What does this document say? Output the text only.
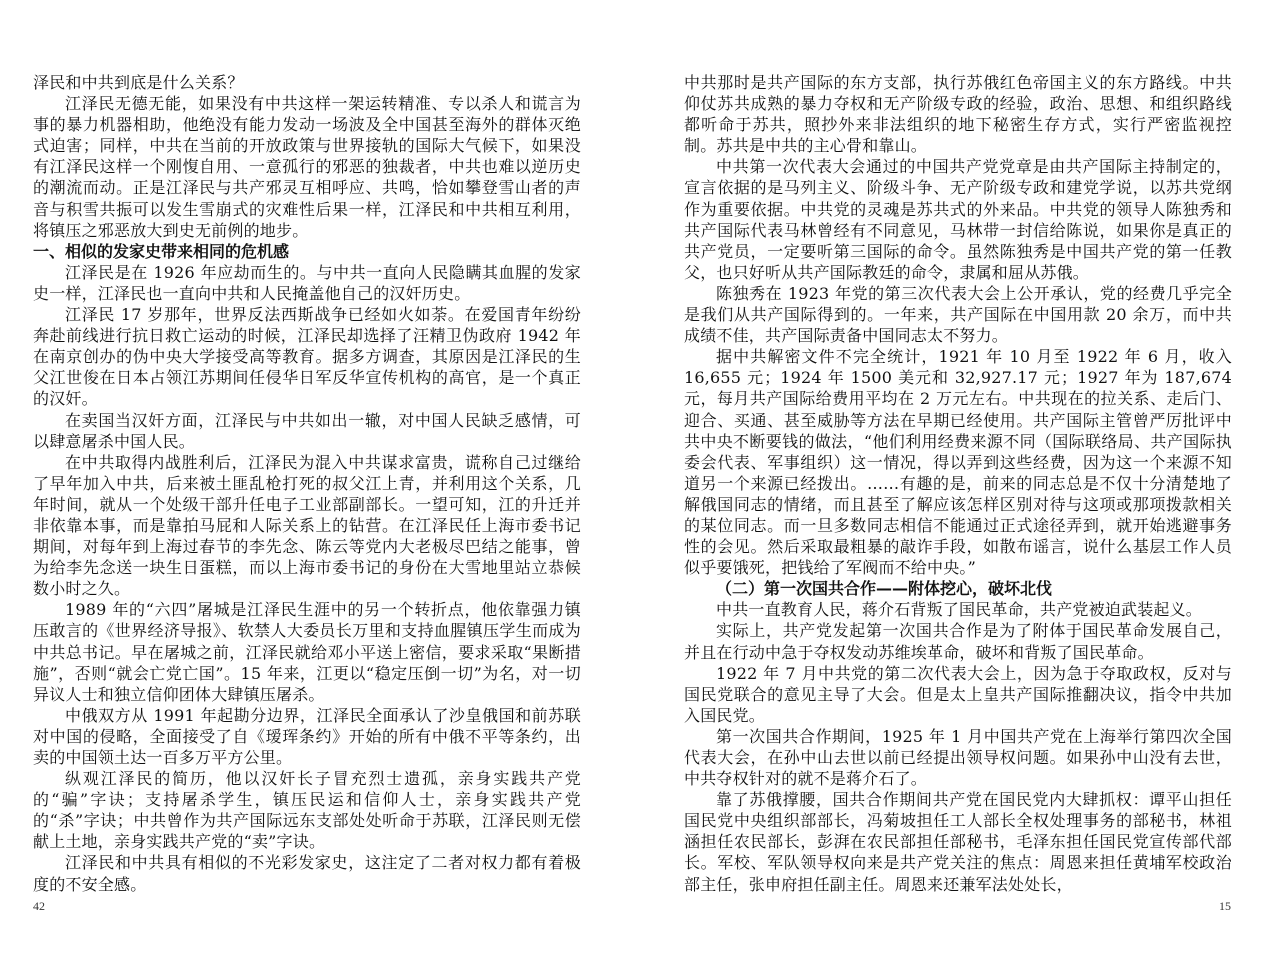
泽民和中共到底是什么关系？

江泽民无德无能，如果没有中共这样一架运转精准、专以杀人和谎言为事的暴力机器相助，他绝没有能力发动一场波及全中国甚至海外的群体灭绝式迫害；同样，中共在当前的开放政策与世界接轨的国际大气候下，如果没有江泽民这样一个刚愎自用、一意孤行的邪恶的独裁者，中共也难以逆历史的潮流而动。正是江泽民与共产邪灵互相呼应、共鸣，恰如攀登雪山者的声音与积雪共振可以发生雪崩式的灾难性后果一样，江泽民和中共相互利用，将镇压之邪恶放大到史无前例的地步。

一、相似的发家史带来相同的危机感

江泽民是在 1926 年应劫而生的。与中共一直向人民隐瞒其血腥的发家史一样，江泽民也一直向中共和人民掩盖他自己的汉奸历史。

江泽民 17 岁那年，世界反法西斯战争已经如火如荼。在爱国青年纷纷奔赴前线进行抗日救亡运动的时候，江泽民却选择了汪精卫伪政府 1942 年在南京创办的伪中央大学接受高等教育。据多方调查，其原因是江泽民的生父江世俊在日本占领江苏期间任侵华日军反华宣传机构的高官，是一个真正的汉奸。

在卖国当汉奸方面，江泽民与中共如出一辙，对中国人民缺乏感情，可以肆意屠杀中国人民。

在中共取得内战胜利后，江泽民为混入中共谋求富贵，谎称自己过继给了早年加入中共，后来被土匪乱枪打死的叔父江上青，并利用这个关系，几年时间，就从一个处级干部升任电子工业部副部长。一望可知，江的升迁并非依靠本事，而是靠拍马屁和人际关系上的钻营。在江泽民任上海市委书记期间，对每年到上海过春节的李先念、陈云等党内大老极尽巴结之能事，曾为给李先念送一块生日蛋糕，而以上海市委书记的身份在大雪地里站立恭候数小时之久。

1989 年的“六四”屠城是江泽民生涯中的另一个转折点，他依靠强力镇压敢言的《世界经济导报》、软禁人大委员长万里和支持血腥镇压学生而成为中共总书记。早在屠城之前，江泽民就给邓小平送上密信，要求采取“果断措施”，否则“就会亡党亡国”。15 年来，江更以“稳定压倒一切”为名，对一切异议人士和独立信仰团体大肆镇压屠杀。

中俄双方从 1991 年起勘分边界，江泽民全面承认了沙皇俄国和前苏联对中国的侵略，全面接受了自《瑷珲条约》开始的所有中俄不平等条约，出卖的中国领土达一百多万平方公里。

纵观江泽民的简历，他以汉奸长子冒充烈士遗孤，亲身实践共产党的“骗”字诀；支持屠杀学生，镇压民运和信仰人士，亲身实践共产党的“杀”字诀；中共曾作为共产国际远东支部处处听命于苏联，江泽民则无偿献上土地，亲身实践共产党的“卖”字诀。

江泽民和中共具有相似的不光彩发家史，这注定了二者对权力都有着极度的不安全感。

42

中共那时是共产国际的东方支部，执行苏俄红色帝国主义的东方路线。中共仰仗苏共成熟的暴力夺权和无产阶级专政的经验，政治、思想、和组织路线都听命于苏共，照抄外来非法组织的地下秘密生存方式，实行严密监视控制。苏共是中共的主心骨和靠山。

中共第一次代表大会通过的中国共产党党章是由共产国际主持制定的，宣言依据的是马列主义、阶级斗争、无产阶级专政和建党学说，以苏共党纲作为重要依据。中共党的灵魂是苏共式的外来品。中共党的领导人陈独秀和共产国际代表马林曾经有不同意见，马林带一封信给陈说，如果你是真正的共产党员，一定要听第三国际的命令。虽然陈独秀是中国共产党的第一任教父，也只好听从共产国际教廷的命令，隶属和屈从苏俄。

陈独秀在 1923 年党的第三次代表大会上公开承认，党的经费几乎完全是我们从共产国际得到的。一年来，共产国际在中国用款 20 余万，而中共成绩不佳，共产国际责备中国同志太不努力。

据中共解密文件不完全统计，1921 年 10 月至 1922 年 6 月，收入 16,655 元；1924 年 1500 美元和 32,927.17 元；1927 年为 187,674 元，每月共产国际给费用平均在 2 万元左右。中共现在的拉关系、走后门、迎合、买通、甚至威胁等方法在早期已经使用。共产国际主管曾严厉批评中共中央不断要钱的做法，“他们利用经费来源不同（国际联络局、共产国际执委会代表、军事组织）这一情况，得以弄到这些经费，因为这一个来源不知道另一个来源已经拨出。……有趣的是，前来的同志总是不仅十分清楚地了解俄国同志的情绪，而且甚至了解应该怎样区别对待与这项或那项拨款相关的某位同志。而一旦多数同志相信不能通过正式途径弄到，就开始逃避事务性的会见。然后采取最粗暴的敲诈手段，如散布谣言，说什么基层工作人员似乎要饿死，把钱给了军阀而不给中央。”

（二）第一次国共合作——附体挖心，破坏北伐

中共一直教育人民，蒋介石背叛了国民革命，共产党被迫武装起义。

实际上，共产党发起第一次国共合作是为了附体于国民革命发展自己，并且在行动中急于夺权发动苏维埃革命，破坏和背叛了国民革命。

1922 年 7 月中共党的第二次代表大会上，因为急于夺取政权，反对与国民党联合的意见主导了大会。但是太上皇共产国际推翻决议，指令中共加入国民党。

第一次国共合作期间，1925 年 1 月中国共产党在上海举行第四次全国代表大会，在孙中山去世以前已经提出领导权问题。如果孙中山没有去世，中共夺权针对的就不是蒋介石了。

靠了苏俄撑腰，国共合作期间共产党在国民党内大肆抓权：谭平山担任国民党中央组织部部长，冯菊坡担任工人部长全权处理事务的部秘书，林祖涵担任农民部长，彭湃在农民部担任部秘书，毛泽东担任国民党宣传部代部长。军校、军队领导权向来是共产党关注的焦点：周恩来担任黄埔军校政治部主任，张申府担任副主任。周恩来还兼军法处处长，

15
